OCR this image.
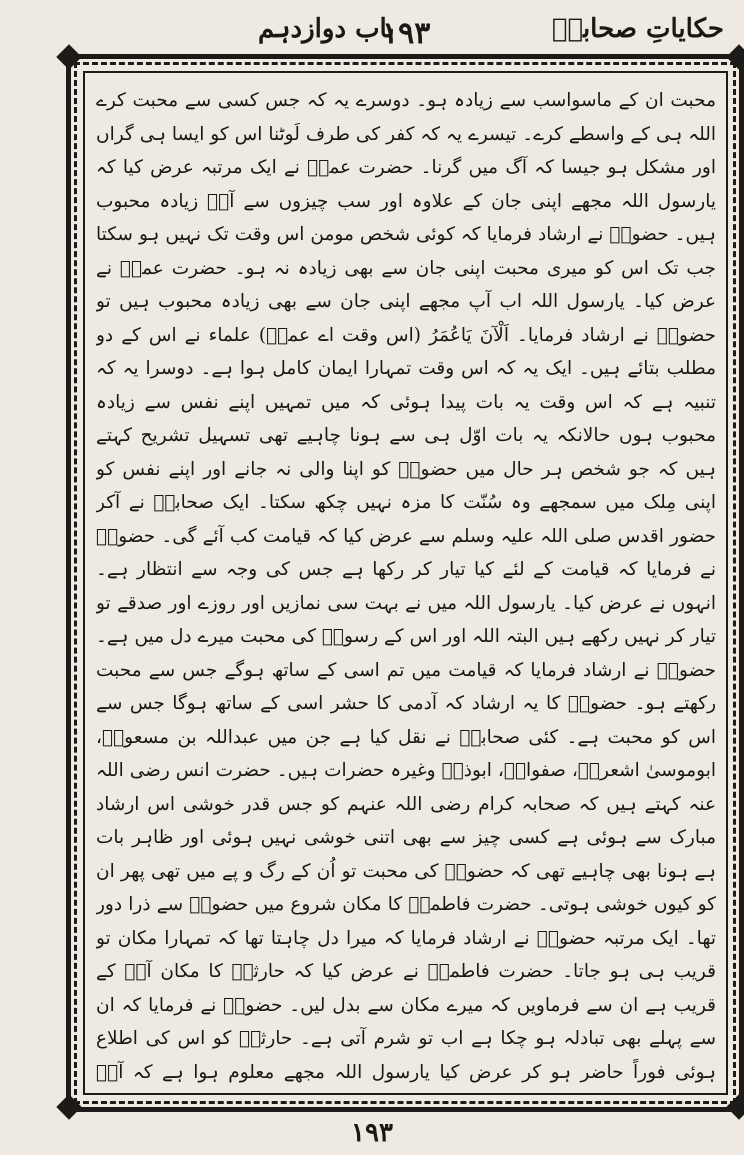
حکایاتِ صحابہؓ
۱۹۳
باب دوازدہم

محبت ان کے ماسواسب سے زیادہ ہو۔ دوسرے یہ کہ جس کسی سے محبت کرے اللہ ہی کے واسطے کرے۔ تیسرے یہ کہ کفر کی طرف لَوٹنا اس کو ایسا ہی گراں اور مشکل ہو جیسا کہ آگ میں گرنا۔ حضرت عمرؓ نے ایک مرتبہ عرض کیا کہ یارسول اللہ مجھے اپنی جان کے علاوہ اور سب چیزوں سے آپؐ زیادہ محبوب ہیں۔ حضورؐ نے ارشاد فرمایا کہ کوئی شخص مومن اس وقت تک نہیں ہو سکتا جب تک اس کو میری محبت اپنی جان سے بھی زیادہ نہ ہو۔ حضرت عمرؓ نے عرض کیا۔ یارسول اللہ اب آپ مجھے اپنی جان سے بھی زیادہ محبوب ہیں تو حضورؐ نے ارشاد فرمایا۔ اَلْآنَ یَاعُمَرُ (اس وقت اے عمرؓ) علماء نے اس کے دو مطلب بتائے ہیں۔ ایک یہ کہ اس وقت تمہارا ایمان کامل ہوا ہے۔ دوسرا یہ کہ تنبیہ ہے کہ اس وقت یہ بات پیدا ہوئی کہ میں تمہیں اپنے نفس سے زیادہ محبوب ہوں حالانکہ یہ بات اوّل ہی سے ہونا چاہیے تھی تسہیل تشریح کہتے ہیں کہ جو شخص ہر حال میں حضورؐ کو اپنا والی نہ جانے اور اپنے نفس کو اپنی مِلک میں سمجھے وہ سُنّت کا مزہ نہیں چکھ سکتا۔ ایک صحابیؓ نے آکر حضور اقدس صلی اللہ علیہ وسلم سے عرض کیا کہ قیامت کب آئے گی۔ حضورؐ نے فرمایا کہ قیامت کے لئے کیا تیار کر رکھا ہے جس کی وجہ سے انتظار ہے۔ انہوں نے عرض کیا۔ یارسول اللہ میں نے بہت سی نمازیں اور روزے اور صدقے تو تیار کر نہیں رکھے ہیں البتہ اللہ اور اس کے رسولؐ کی محبت میرے دل میں ہے۔ حضورؐ نے ارشاد فرمایا کہ قیامت میں تم اسی کے ساتھ ہوگے جس سے محبت رکھتے ہو۔ حضورؐ کا یہ ارشاد کہ آدمی کا حشر اسی کے ساتھ ہوگا جس سے اس کو محبت ہے۔ کئی صحابہؓ نے نقل کیا ہے جن میں عبداللہ بن مسعودؓ، ابوموسیٰ اشعریؓ، صفوانؓ، ابوذرؓ وغیرہ حضرات ہیں۔ حضرت انس رضی اللہ عنہ کہتے ہیں کہ صحابہ کرام رضی اللہ عنہم کو جس قدر خوشی اس ارشاد مبارک سے ہوئی ہے کسی چیز سے بھی اتنی خوشی نہیں ہوئی اور ظاہر بات ہے ہونا بھی چاہیے تھی کہ حضورؐ کی محبت تو اُن کے رگ و پے میں تھی پھر ان کو کیوں خوشی ہوتی۔ حضرت فاطمۃؓ کا مکان شروع میں حضورؐ سے ذرا دور تھا۔ ایک مرتبہ حضورؐ نے ارشاد فرمایا کہ میرا دل چاہتا تھا کہ تمہارا مکان تو قریب ہی ہو جاتا۔ حضرت فاطمہؓ نے عرض کیا کہ حارثہؓ کا مکان آپؐ کے قریب ہے ان سے فرماویں کہ میرے مکان سے بدل لیں۔ حضورؐ نے فرمایا کہ ان سے پہلے بھی تبادلہ ہو چکا ہے اب تو شرم آتی ہے۔ حارثہؓ کو اس کی اطلاع ہوئی فوراً حاضر ہو کر عرض کیا یارسول اللہ مجھے معلوم ہوا ہے کہ آپؐ

۱۹۳
